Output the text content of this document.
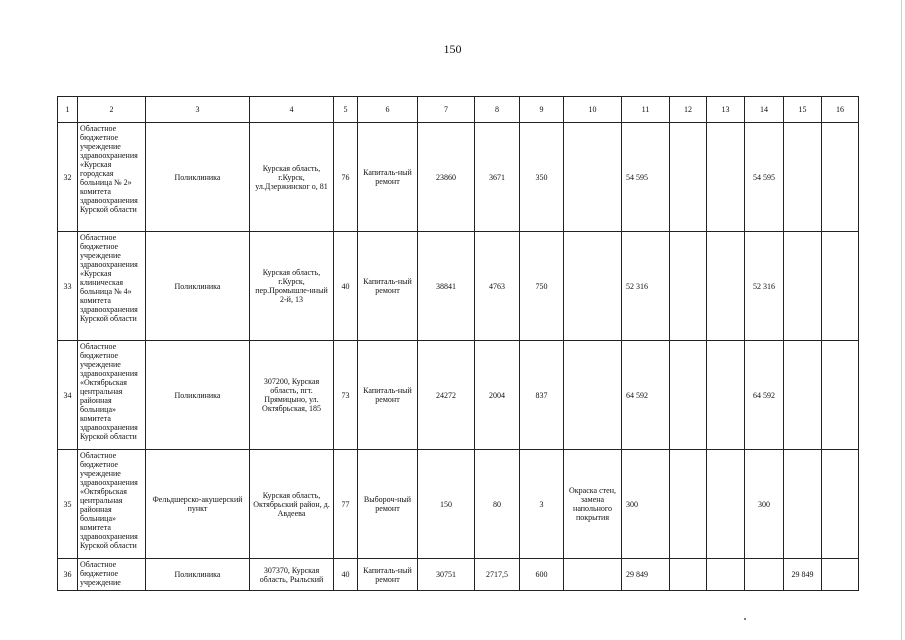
150
1	2	3	4	5	6	7	8	9	10	11	12	13	14	15	16
32	Областное бюджетное учреждение здравоохранения «Курская городская больница № 2» комитета здравоохранения Курской области	Поликлиника	Курская область, г.Курск, ул.Дзержинског о, 81	76	Капиталь-ный ремонт	23860	3671	350		54 595			54 595		
33	Областное бюджетное учреждение здравоохранения «Курская клиническая больница № 4» комитета здравоохранения Курской области	Поликлиника	Курская область, г.Курск, пер.Промышле-нный 2-й, 13	40	Капиталь-ный ремонт	38841	4763	750		52 316			52 316		
34	Областное бюджетное учреждение здравоохранения «Октябрьская центральная районная больница» комитета здравоохранения Курской области	Поликлиника	307200, Курская область, пгт. Прямицыно, ул. Октябрьская, 185	73	Капиталь-ный ремонт	24272	2004	837		64 592			64 592		
35	Областное бюджетное учреждение здравоохранения «Октябрьская центральная районная больница» комитета здравоохранения Курской области	Фельдшерско-акушерский пункт	Курская область, Октябрьский район, д. Авдеева	77	Выбороч-ный ремонт	150	80	3	Окраска стен, замена напольного покрытия	300			300		
36	Областное бюджетное учреждение	Поликлиника	307370, Курская область, Рыльский	40	Капиталь-ный ремонт	30751	2717,5	600		29 849				29 849	
